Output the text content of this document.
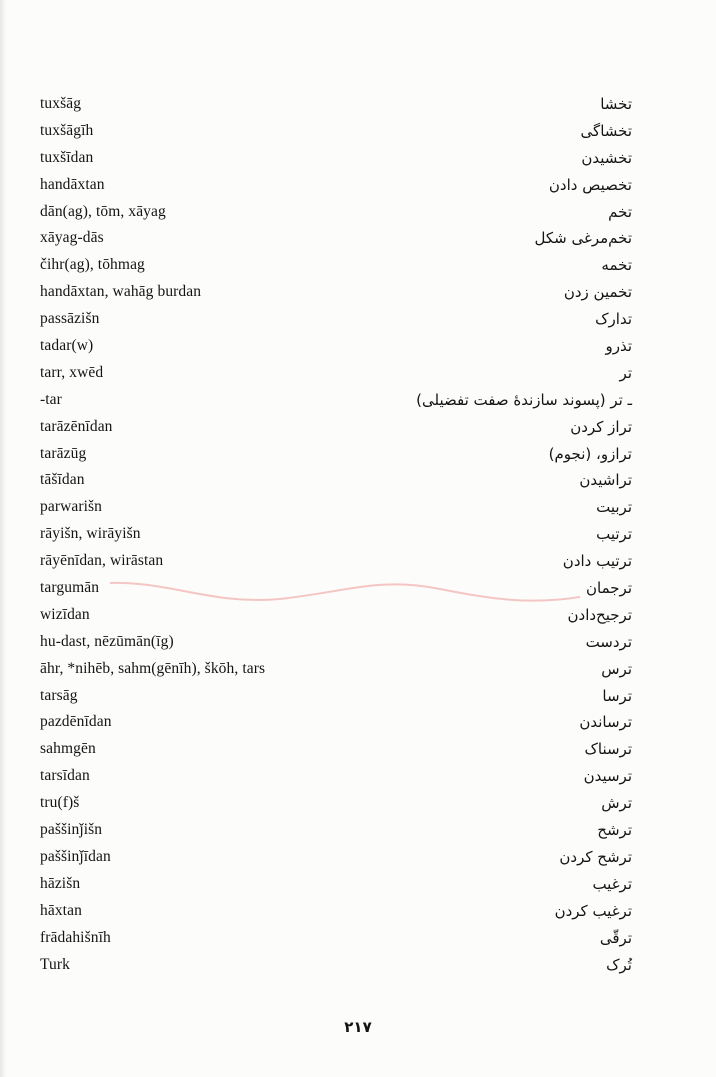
tuxšāg	تخشا
tuxšāgīh	تخشاگی
tuxšīdan	تخشیدن
handāxtan	تخصیص دادن
dān(ag), tōm, xāyag	تخم
xāyag-dās	تخم‌مرغی شکل
čihr(ag), tōhmag	تخمه
handāxtan, wahāg burdan	تخمین زدن
passāzišn	تدارک
tadar(w)	تذرو
tarr, xwēd	تر
-tar	ـ تر (پسوند سازندهٔ صفت تفضیلی)
tarāzēnīdan	تراز کردن
tarāzūg	ترازو، (نجوم)
tāšīdan	تراشیدن
parwarišn	تربیت
rāyišn, wirāyišn	ترتیب
rāyēnīdan, wirāstan	ترتیب دادن
targumān	ترجمان
wizīdan	ترجیح‌دادن
hu-dast, nēzūmān(īg)	تردست
āhr, *nihēb, sahm(gēnīh), škōh, tars	ترس
tarsāg	ترسا
pazdēnīdan	ترساندن
sahmgēn	ترسناک
tarsīdan	ترسیدن
tru(f)š	ترش
paššinǰišn	ترشح
paššinǰīdan	ترشح کردن
hāzišn	ترغیب
hāxtan	ترغیب کردن
frādahišnīh	ترقّی
Turk	تُرک
۲۱۷
